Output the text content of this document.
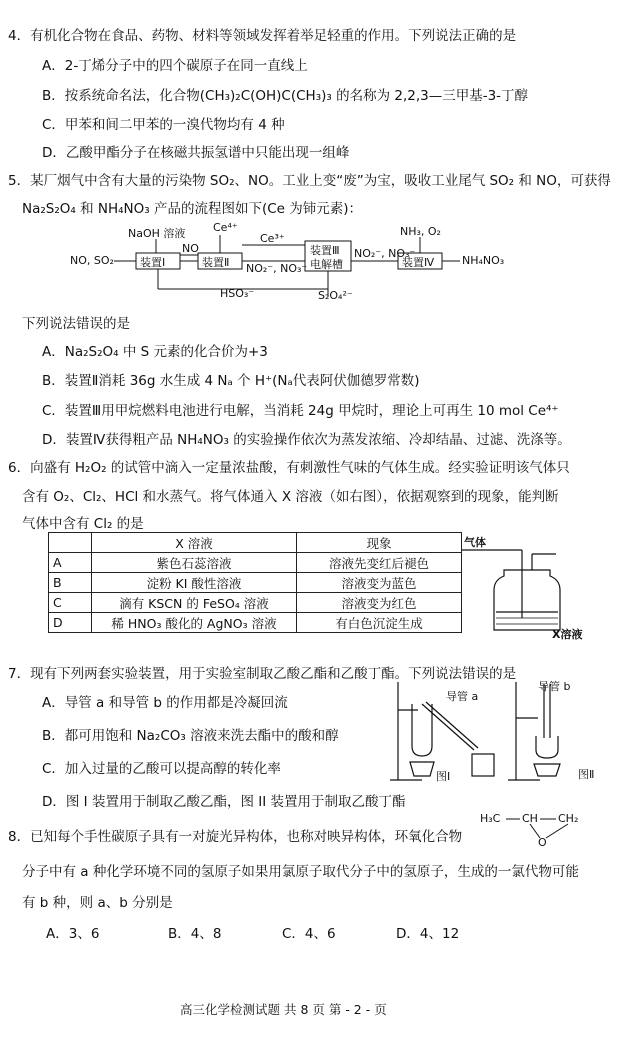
4．有机化合物在食品、药物、材料等领域发挥着举足轻重的作用。下列说法正确的是
A．2-丁烯分子中的四个碳原子在同一直线上
B．按系统命名法，化合物(CH₃)₂C(OH)C(CH₃)₃ 的名称为 2,2,3—三甲基-3-丁醇
C．甲苯和间二甲苯的一溴代物均有 4 种
D．乙酸甲酯分子在核磁共振氢谱中只能出现一组峰
5．某厂烟气中含有大量的污染物 SO₂、NO。工业上变“废”为宝，吸收工业尾气 SO₂ 和 NO，可获得
Na₂S₂O₄ 和 NH₄NO₃ 产品的流程图如下(Ce 为铈元素)：
NO, SO₂ 装置Ⅰ	装置Ⅱ
装置Ⅲ
电解槽	装置Ⅳ
NaOH 溶液	Ce⁴⁺
NO
Ce³⁺
NO₂⁻, NO₃⁻
NO₂⁻, NO₃⁻
NH₃, O₂
NH₄NO₃
HSO₃⁻	S₂O₄²⁻
下列说法错误的是
A．Na₂S₂O₄ 中 S 元素的化合价为+3
B．装置Ⅱ消耗 36g 水生成 4 Nₐ 个 H⁺(Nₐ代表阿伏伽德罗常数)
C．装置Ⅲ用甲烷燃料电池进行电解，当消耗 24g 甲烷时，理论上可再生 10 mol Ce⁴⁺
D．装置Ⅳ获得粗产品 NH₄NO₃ 的实验操作依次为蒸发浓缩、冷却结晶、过滤、洗涤等。
6．向盛有 H₂O₂ 的试管中滴入一定量浓盐酸，有刺激性气味的气体生成。经实验证明该气体只
含有 O₂、Cl₂、HCl 和水蒸气。将气体通入 X 溶液（如右图），依据观察到的现象，能判断
气体中含有 Cl₂ 的是
	X 溶液	现象
A	紫色石蕊溶液	溶液先变红后褪色
B	淀粉 KI 酸性溶液	溶液变为蓝色
C	滴有 KSCN 的 FeSO₄ 溶液	溶液变为红色
D	稀 HNO₃ 酸化的 AgNO₃ 溶液	有白色沉淀生成
气体
X溶液
7．现有下列两套实验装置，用于实验室制取乙酸乙酯和乙酸丁酯。下列说法错误的是
A．导管 a 和导管 b 的作用都是冷凝回流
B．都可用饱和 Na₂CO₃ 溶液来洗去酯中的酸和醇
C．加入过量的乙酸可以提高醇的转化率
D．图 I 装置用于制取乙酸乙酯，图 II 装置用于制取乙酸丁酯
导管 a
图Ⅰ
导管 b
图Ⅱ
8．已知每个手性碳原子具有一对旋光异构体，也称对映异构体，环氧化合物
H₃C CH CH₂
O
分子中有 a 种化学环境不同的氢原子如果用氯原子取代分子中的氢原子，生成的一氯代物可能
有 b 种，则 a、b 分别是
A．3、6	B．4、8	C．4、6	D．4、12
高三化学检测试题 共 8 页 第 - 2 - 页
